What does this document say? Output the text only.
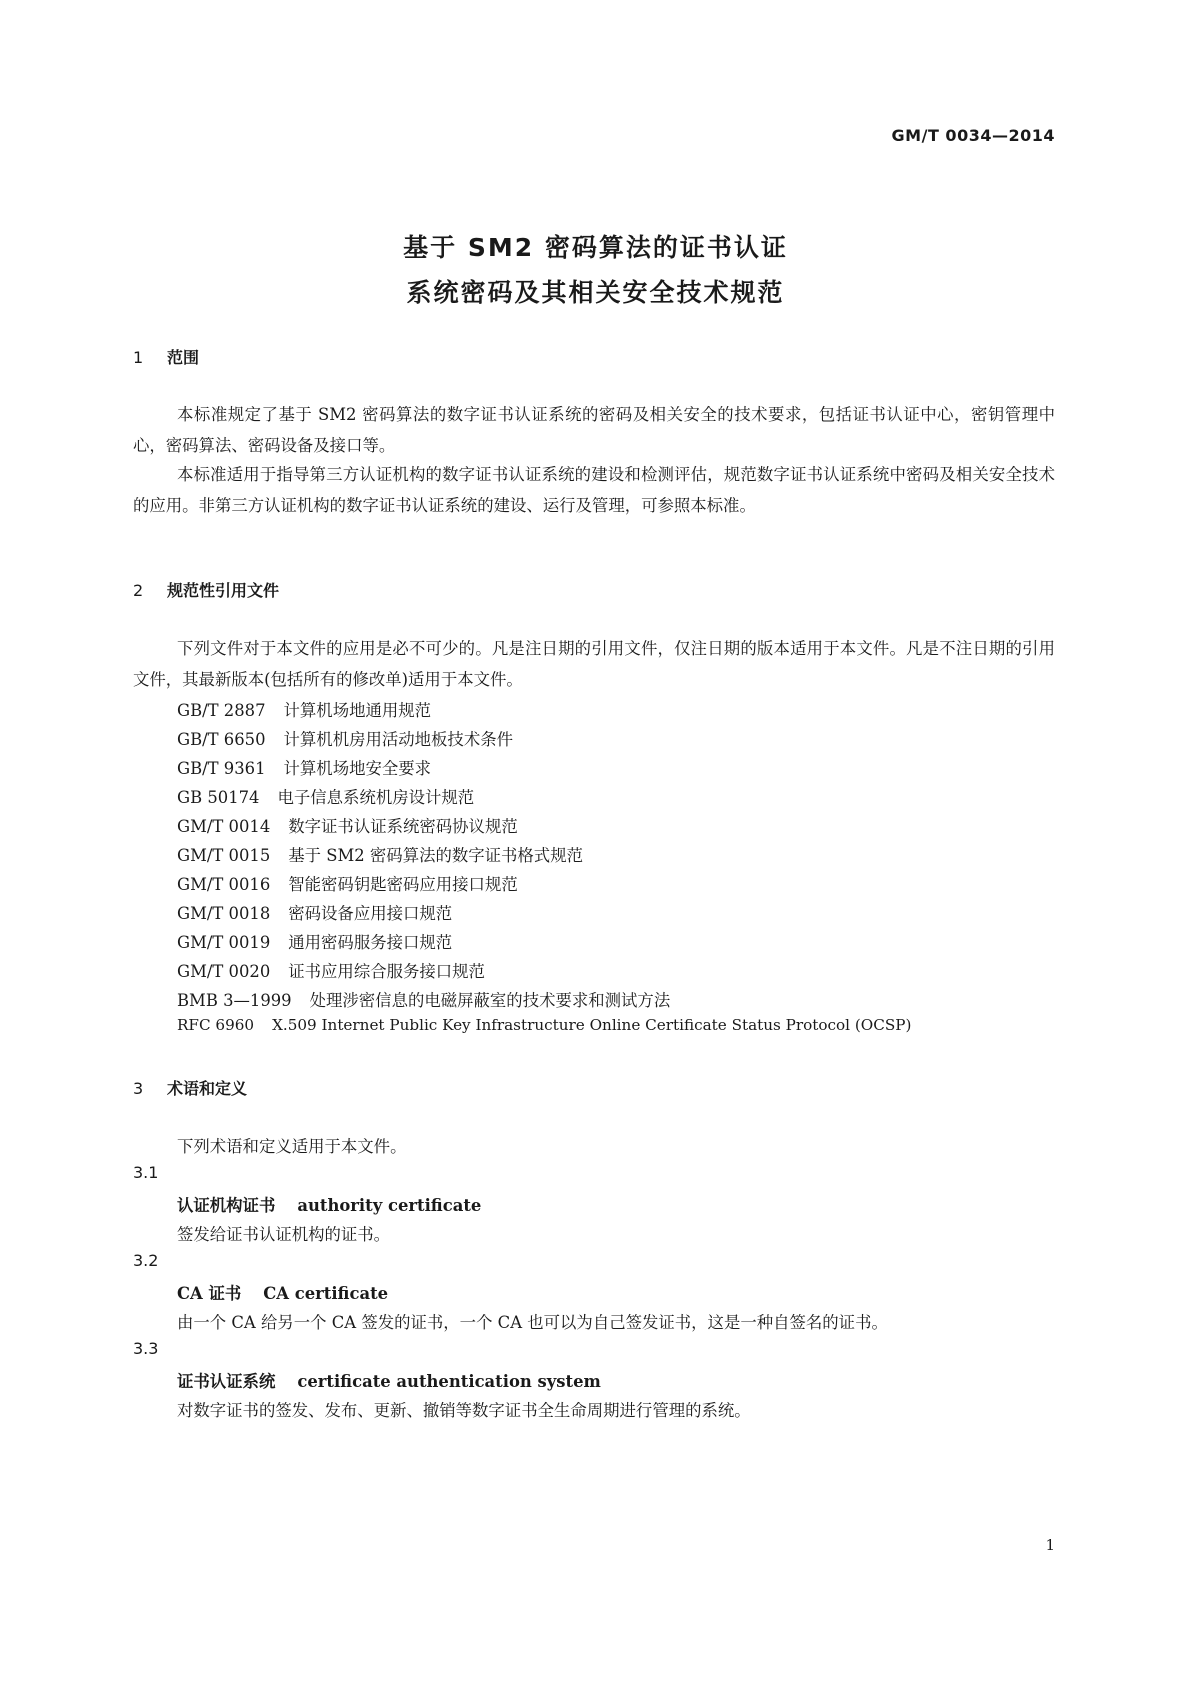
GM/T 0034—2014
基于 SM2 密码算法的证书认证
系统密码及其相关安全技术规范
1 范围

本标准规定了基于 SM2 密码算法的数字证书认证系统的密码及相关安全的技术要求，包括证书认证中心，密钥管理中心，密码算法、密码设备及接口等。

本标准适用于指导第三方认证机构的数字证书认证系统的建设和检测评估，规范数字证书认证系统中密码及相关安全技术的应用。非第三方认证机构的数字证书认证系统的建设、运行及管理，可参照本标准。

2 规范性引用文件

下列文件对于本文件的应用是必不可少的。凡是注日期的引用文件，仅注日期的版本适用于本文件。凡是不注日期的引用文件，其最新版本(包括所有的修改单)适用于本文件。

GB/T 2887 计算机场地通用规范
GB/T 6650 计算机机房用活动地板技术条件
GB/T 9361 计算机场地安全要求
GB 50174 电子信息系统机房设计规范
GM/T 0014 数字证书认证系统密码协议规范
GM/T 0015 基于 SM2 密码算法的数字证书格式规范
GM/T 0016 智能密码钥匙密码应用接口规范
GM/T 0018 密码设备应用接口规范
GM/T 0019 通用密码服务接口规范
GM/T 0020 证书应用综合服务接口规范
BMB 3—1999 处理涉密信息的电磁屏蔽室的技术要求和测试方法
RFC 6960 X.509 Internet Public Key Infrastructure Online Certificate Status Protocol (OCSP)
3 术语和定义
下列术语和定义适用于本文件。
3.1
认证机构证书 authority certificate
签发给证书认证机构的证书。
3.2
CA 证书 CA certificate
由一个 CA 给另一个 CA 签发的证书，一个 CA 也可以为自己签发证书，这是一种自签名的证书。
3.3
证书认证系统 certificate authentication system
对数字证书的签发、发布、更新、撤销等数字证书全生命周期进行管理的系统。
1
